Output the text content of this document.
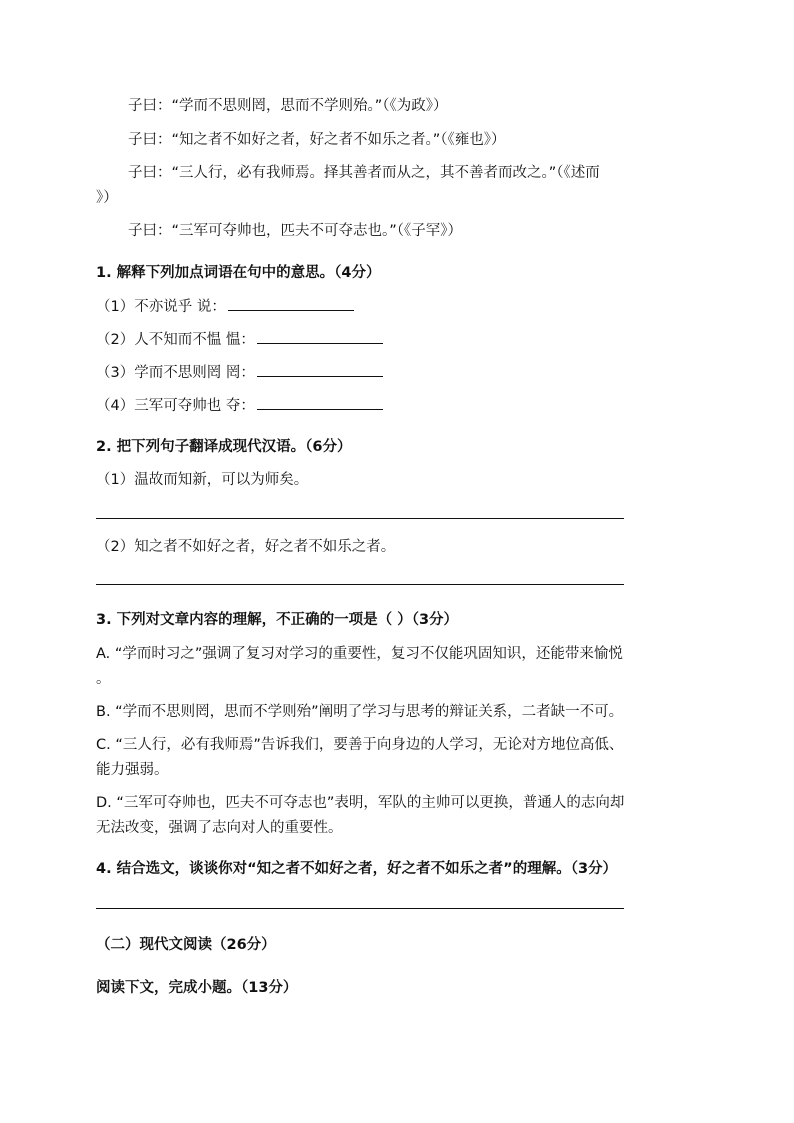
子曰：“学而不思则罔，思而不学则殆。”（《为政》）
子曰：“知之者不如好之者，好之者不如乐之者。”（《雍也》）
子曰：“三人行，必有我师焉。择其善者而从之，其不善者而改之。”（《述而
》）
子曰：“三军可夺帅也，匹夫不可夺志也。”（《子罕》）
1. 解释下列加点词语在句中的意思。（4分）
（1）不亦说乎 说：
（2）人不知而不愠 愠：
（3）学而不思则罔 罔：
（4）三军可夺帅也 夺：
2. 把下列句子翻译成现代汉语。（6分）
（1）温故而知新，可以为师矣。
（2）知之者不如好之者，好之者不如乐之者。
3. 下列对文章内容的理解，不正确的一项是（ ）（3分）
A. “学而时习之”强调了复习对学习的重要性，复习不仅能巩固知识，还能带来愉悦
。
B. “学而不思则罔，思而不学则殆”阐明了学习与思考的辩证关系，二者缺一不可。
C. “三人行，必有我师焉”告诉我们，要善于向身边的人学习，无论对方地位高低、
能力强弱。
D. “三军可夺帅也，匹夫不可夺志也”表明，军队的主帅可以更换，普通人的志向却
无法改变，强调了志向对人的重要性。
4. 结合选文，谈谈你对“知之者不如好之者，好之者不如乐之者”的理解。（3分）
（二）现代文阅读（26分）
阅读下文，完成小题。（13分）
